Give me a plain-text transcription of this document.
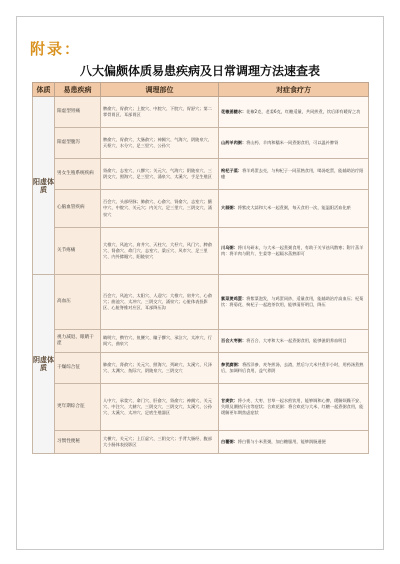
附录：
八大偏颇体质易患疾病及日常调理方法速查表
体质	易患疾病	调理部位	对症食疗方
阳虚体质	阳虚型胃痛	脾俞穴、胃俞穴；上脘穴、中脘穴、下脘穴、胃舒穴；第二掌骨胃区、耳部胃区	花椒姜糖水：花椒2克，老姜6克，红糖适量，共同煎煮，饮后即有暖胃之功
	阳虚型腹泻	脾俞穴、胃俞穴、大肠俞穴；神阙穴、气海穴、阴陵泉穴、天枢穴、水分穴、足三里穴、公孙穴	山药羊肉粥：将山药、羊肉和糯米一同煮粥食用，可以温补脾肾
	男女生殖系统疾病	肾俞穴、志室穴、八髎穴；关元穴、气海穴；阴陵泉穴、三阴交穴、照海穴、足三里穴、涌泉穴、太溪穴、手足生殖区	枸杞子蒸：将羊鸡蛋去壳，与枸杞子一同蒸熟食用，喝汤吃蛋，能辅助治疗阳痿
	心脑血管疾病	百会穴、头部经脉；肺俞穴、心俞穴、肾俞穴、志室穴；膻中穴、中脘穴、关元穴；内关穴、足三里穴、三阴交穴、涌泉穴	大蒜粥：将紫皮大蒜和大米一起煮粥，每天食用一次，能温阳活血化瘀
	关节疼痛	大椎穴、风池穴、肩井穴、天柱穴、大杼穴、风门穴、脾俞穴、肾俞穴、命门穴、志室穴、梁丘穴、风市穴、足三里穴、内外膝眼穴、阳陵泉穴	川乌粥：将川乌研末，与大米一起煮粥食用，有助于关节祛风散寒；附片蒸羊肉：将羊肉与附片、生姜等一起隔水蒸熟即可
阴虚体质	高血压	百会穴、风池穴、太阳穴、人迎穴；大椎穴、肩井穴、心俞穴；曲池穴、太冲穴、三阴交穴、涌泉穴；心脏体表投影区、心脏脊椎对应区、耳部降压沟	紫菜煲鸡蛋：将紫菜泡发，与鸡蛋同炒，适量食用，能辅助治疗高血压；杞菊饮：将菊花、枸杞子一起泡茶饮用，能够清肝明目，降压
	视力减退、眼睛干涩	睛明穴、攒竹穴、鱼腰穴、瞳子髎穴、承泣穴、太冲穴、行间穴、曲泉穴	百合大枣粥：将百合、大枣和大米一起煮粥食用，能够滋阴养血明目
	干燥综合征	肺俞穴、肾俞穴；关元穴、照海穴、列缺穴、太溪穴、尺泽穴、太渊穴、鱼际穴、阴陵泉穴、三阴交穴	参芪腐粥：将西洋参、麦冬煎汤，去渣，然后与大米共煮半小时，用药汤煮熟后，加调料后食用，益气养阴
	更年期综合征	人中穴、承浆穴、命门穴、肝俞穴、肾俞穴；神阙穴、关元穴、中注穴、大赫穴、三阴交穴、三阴交穴、太溪穴、公孙穴、太溪穴、太冲穴、足底生殖器区	甘麦饮：将小麦、大枣、甘草一起水煎饮用，能够调和心脾，缓解烦躁不安、失眠及潮热汗出等症状；合欢花粥：将合欢花与大米、红糖一起煮粥食用，能缓解更年期焦虑症状
	习惯性便秘	大横穴、关元穴；上巨虚穴、三阴交穴；手背大肠经、腹部大小肠体表投影区	白薯粥：将白薯与小米煮粥，加白糖服用，能够润肠通便
